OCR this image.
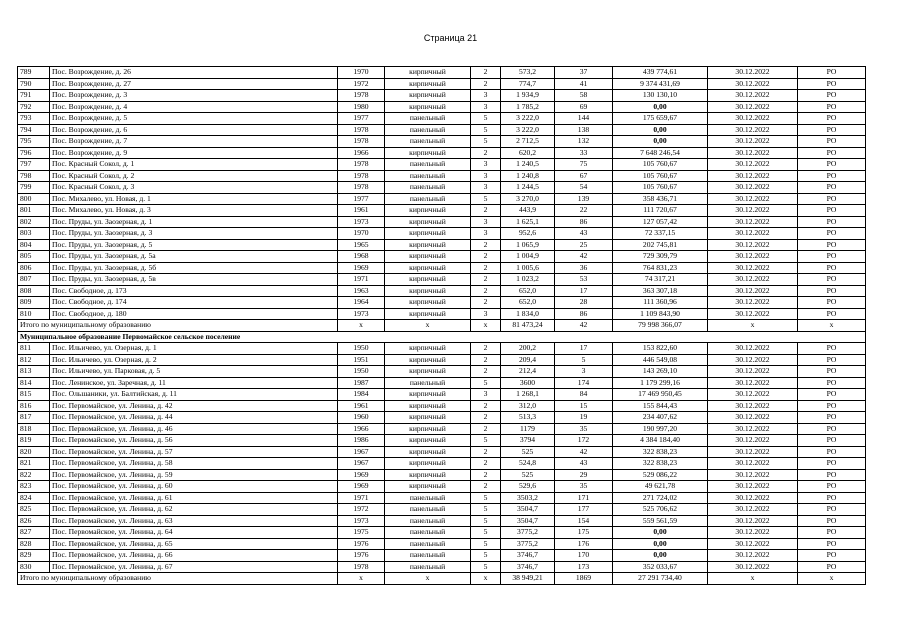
Страница 21
789	Пос. Возрождение, д. 26	1970	кирпичный	2	573,2	37	439 774,61	30.12.2022	РО
790	Пос. Возрождение, д. 27	1972	кирпичный	2	774,7	41	9 374 431,69	30.12.2022	РО
791	Пос. Возрождение, д. 3	1978	кирпичный	3	1 934,9	58	130 130,10	30.12.2022	РО
792	Пос. Возрождение, д. 4	1980	кирпичный	3	1 785,2	69	0,00	30.12.2022	РО
793	Пос. Возрождение, д. 5	1977	панельный	5	3 222,0	144	175 659,67	30.12.2022	РО
794	Пос. Возрождение, д. 6	1978	панельный	5	3 222,0	138	0,00	30.12.2022	РО
795	Пос. Возрождение, д. 7	1978	панельный	5	2 712,5	132	0,00	30.12.2022	РО
796	Пос. Возрождение, д. 9	1966	кирпичный	2	620,2	33	7 648 246,54	30.12.2022	РО
797	Пос. Красный Сокол, д. 1	1978	панельный	3	1 240,5	75	105 760,67	30.12.2022	РО
798	Пос. Красный Сокол, д. 2	1978	панельный	3	1 240,8	67	105 760,67	30.12.2022	РО
799	Пос. Красный Сокол, д. 3	1978	панельный	3	1 244,5	54	105 760,67	30.12.2022	РО
800	Пос. Михалево, ул. Новая, д. 1	1977	панельный	5	3 270,0	139	358 436,71	30.12.2022	РО
801	Пос. Михалево, ул. Новая, д. 3	1961	кирпичный	2	443,9	22	111 720,67	30.12.2022	РО
802	Пос. Пруды, ул. Заозерная, д. 1	1973	кирпичный	3	1 625,1	86	127 057,42	30.12.2022	РО
803	Пос. Пруды, ул. Заозерная, д. 3	1970	кирпичный	3	952,6	43	72 337,15	30.12.2022	РО
804	Пос. Пруды, ул. Заозерная, д. 5	1965	кирпичный	2	1 065,9	25	202 745,81	30.12.2022	РО
805	Пос. Пруды, ул. Заозерная, д. 5а	1968	кирпичный	2	1 004,9	42	729 309,79	30.12.2022	РО
806	Пос. Пруды, ул. Заозерная, д. 5б	1969	кирпичный	2	1 005,6	36	764 831,23	30.12.2022	РО
807	Пос. Пруды, ул. Заозерная, д. 5в	1971	кирпичный	2	1 023,2	53	74 317,21	30.12.2022	РО
808	Пос. Свободное, д. 173	1963	кирпичный	2	652,0	17	363 307,18	30.12.2022	РО
809	Пос. Свободное, д. 174	1964	кирпичный	2	652,0	28	111 360,96	30.12.2022	РО
810	Пос. Свободное, д. 180	1973	кирпичный	3	1 834,0	86	1 109 843,90	30.12.2022	РО
Итого по муниципальному образованию		x	x	x	81 473,24	42	79 998 366,07	x	x
Муниципальное образование Первомайское сельское поселение									
811	Пос. Ильичево, ул. Озерная, д. 1	1950	кирпичный	2	200,2	17	153 822,60	30.12.2022	РО
812	Пос. Ильичево, ул. Озерная, д. 2	1951	кирпичный	2	209,4	5	446 549,08	30.12.2022	РО
813	Пос. Ильичево, ул. Парковая, д. 5	1950	кирпичный	2	212,4	3	143 269,10	30.12.2022	РО
814	Пос. Ленинское, ул. Заречная, д. 11	1987	панельный	5	3600	174	1 179 299,16	30.12.2022	РО
815	Пос. Ольшаники, ул. Балтийская, д. 11	1984	кирпичный	3	1 268,1	84	17 469 950,45	30.12.2022	РО
816	Пос. Первомайское, ул. Ленина, д. 42	1961	кирпичный	2	312,0	15	155 844,43	30.12.2022	РО
817	Пос. Первомайское, ул. Ленина, д. 44	1960	кирпичный	2	513,3	19	234 407,62	30.12.2022	РО
818	Пос. Первомайское, ул. Ленина, д. 46	1966	кирпичный	2	1179	35	190 997,20	30.12.2022	РО
819	Пос. Первомайское, ул. Ленина, д. 56	1986	кирпичный	5	3794	172	4 384 184,40	30.12.2022	РО
820	Пос. Первомайское, ул. Ленина, д. 57	1967	кирпичный	2	525	42	322 838,23	30.12.2022	РО
821	Пос. Первомайское, ул. Ленина, д. 58	1967	кирпичный	2	524,8	43	322 838,23	30.12.2022	РО
822	Пос. Первомайское, ул. Ленина, д. 59	1969	кирпичный	2	525	29	529 086,22	30.12.2022	РО
823	Пос. Первомайское, ул. Ленина, д. 60	1969	кирпичный	2	529,6	35	49 621,78	30.12.2022	РО
824	Пос. Первомайское, ул. Ленина, д. 61	1971	панельный	5	3503,2	171	271 724,02	30.12.2022	РО
825	Пос. Первомайское, ул. Ленина, д. 62	1972	панельный	5	3504,7	177	525 706,62	30.12.2022	РО
826	Пос. Первомайское, ул. Ленина, д. 63	1973	панельный	5	3504,7	154	559 561,59	30.12.2022	РО
827	Пос. Первомайское, ул. Ленина, д. 64	1975	панельный	5	3775,2	175	0,00	30.12.2022	РО
828	Пос. Первомайское, ул. Ленина, д. 65	1976	панельный	5	3775,2	176	0,00	30.12.2022	РО
829	Пос. Первомайское, ул. Ленина, д. 66	1976	панельный	5	3746,7	170	0,00	30.12.2022	РО
830	Пос. Первомайское, ул. Ленина, д. 67	1978	панельный	5	3746,7	173	352 033,67	30.12.2022	РО
Итого по муниципальному образованию		x	x	x	38 949,21	1869	27 291 734,40	x	x
